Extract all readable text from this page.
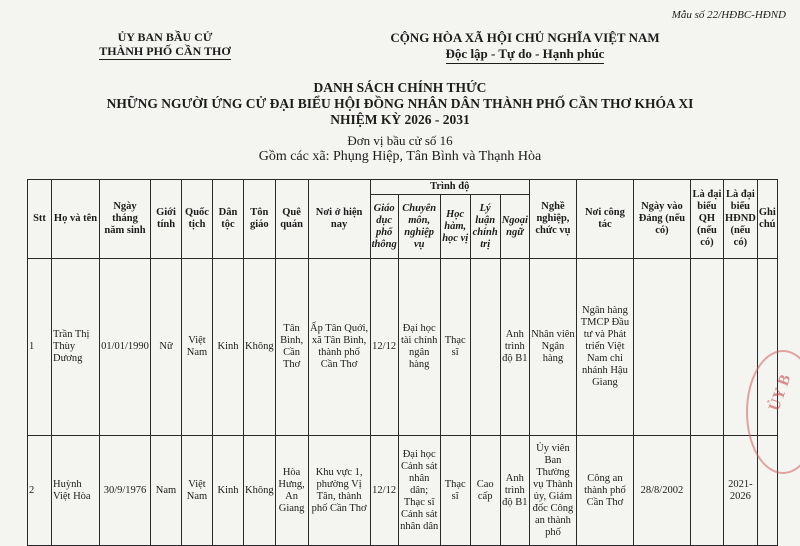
Mẫu số 22/HĐBC-HĐND
ỦY BAN BẦU CỬ
THÀNH PHỐ CẦN THƠ
CỘNG HÒA XÃ HỘI CHỦ NGHĨA VIỆT NAM
Độc lập - Tự do - Hạnh phúc
DANH SÁCH CHÍNH THỨC
NHỮNG NGƯỜI ỨNG CỬ ĐẠI BIỂU HỘI ĐỒNG NHÂN DÂN THÀNH PHỐ CẦN THƠ KHÓA XI
NHIỆM KỲ 2026 - 2031
Đơn vị bầu cử số 16
Gồm các xã: Phụng Hiệp, Tân Bình và Thạnh Hòa
Stt	Họ và tên	Ngày tháng năm sinh	Giới tính	Quốc tịch	Dân tộc	Tôn giáo	Quê quán	Nơi ở hiện nay	Trình độ					Nghề nghiệp, chức vụ	Nơi công tác	Ngày vào Đảng (nếu có)	Là đại biểu QH (nếu có)	Là đại biểu HĐND (nếu có)	Ghi chú
									Giáo dục phổ thông	Chuyên môn, nghiệp vụ	Học hàm, học vị	Lý luận chính trị	Ngoại ngữ						
1	Trần Thị Thùy Dương	01/01/1990	Nữ	Việt Nam	Kinh	Không	Tân Bình, Cần Thơ	Ấp Tân Quới, xã Tân Bình, thành phố Cần Thơ	12/12	Đại học tài chính ngân hàng	Thạc sĩ		Anh trình độ B1	Nhân viên Ngân hàng	Ngân hàng TMCP Đầu tư và Phát triển Việt Nam chi nhánh Hậu Giang				
2	Huỳnh Việt Hòa	30/9/1976	Nam	Việt Nam	Kinh	Không	Hòa Hưng, An Giang	Khu vực 1, phường Vị Tân, thành phố Cần Thơ	12/12	Đại học Cảnh sát nhân dân; Thạc sĩ Cảnh sát nhân dân	Thạc sĩ	Cao cấp	Anh trình độ B1	Ủy viên Ban Thường vụ Thành ủy, Giám đốc Công an thành phố	Công an thành phố Cần Thơ	28/8/2002		2021-2026	
ỦY B
